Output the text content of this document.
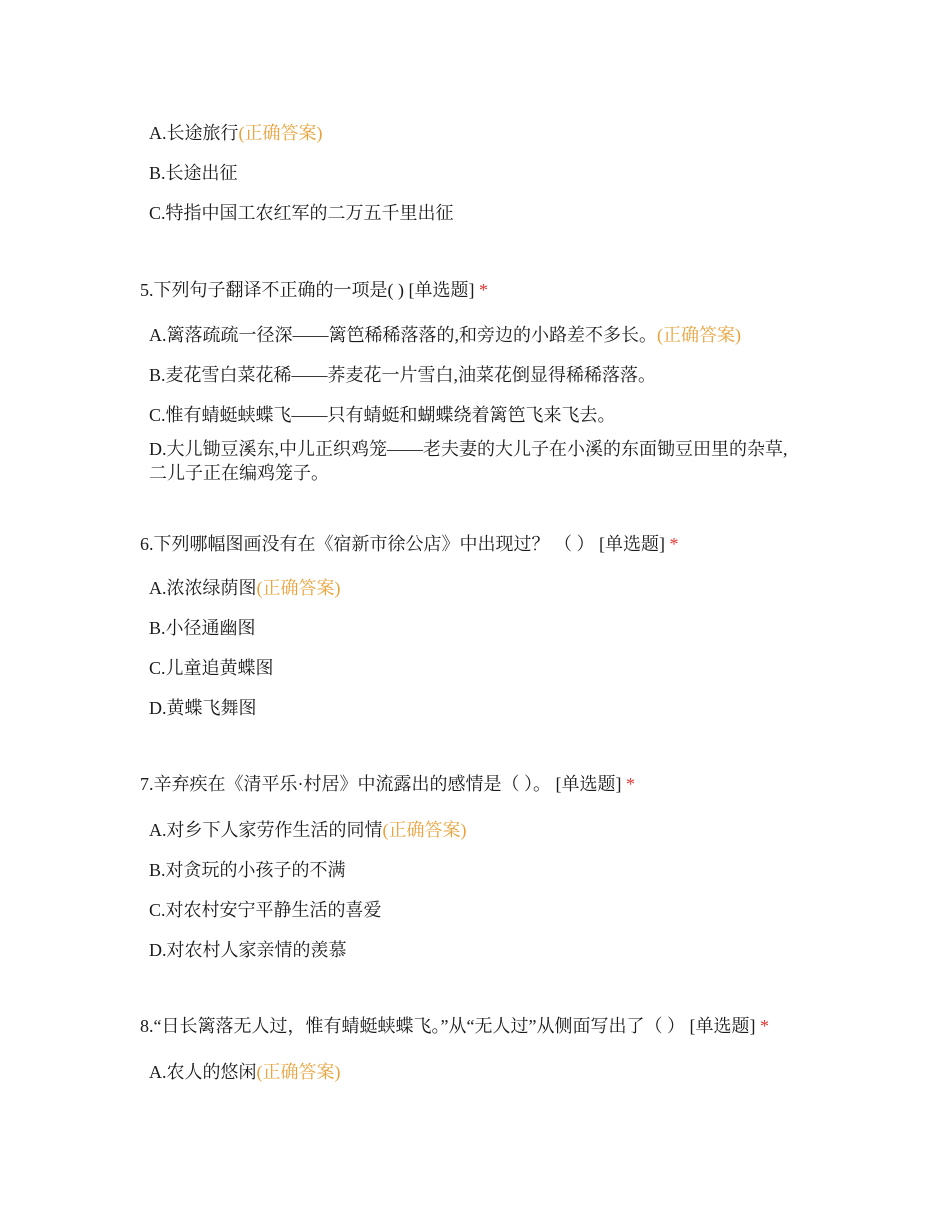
A.长途旅行(正确答案)
B.长途出征
C.特指中国工农红军的二万五千里出征
5.下列句子翻译不正确的一项是( ) [单选题] *
A.篱落疏疏一径深——篱笆稀稀落落的,和旁边的小路差不多长。(正确答案)
B.麦花雪白菜花稀——荞麦花一片雪白,油菜花倒显得稀稀落落。
C.惟有蜻蜓蛱蝶飞——只有蜻蜓和蝴蝶绕着篱笆飞来飞去。
D.大儿锄豆溪东,中儿正织鸡笼——老夫妻的大儿子在小溪的东面锄豆田里的杂草,二儿子正在编鸡笼子。
6.下列哪幅图画没有在《宿新市徐公店》中出现过？ （ ） [单选题] *
A.浓浓绿荫图(正确答案)
B.小径通幽图
C.儿童追黄蝶图
D.黄蝶飞舞图
7.辛弃疾在《清平乐·村居》中流露出的感情是（ ）。 [单选题] *
A.对乡下人家劳作生活的同情(正确答案)
B.对贪玩的小孩子的不满
C.对农村安宁平静生活的喜爱
D.对农村人家亲情的羡慕
8.“日长篱落无人过，惟有蜻蜓蛱蝶飞。”从“无人过”从侧面写出了（ ） [单选题] *
A.农人的悠闲(正确答案)
